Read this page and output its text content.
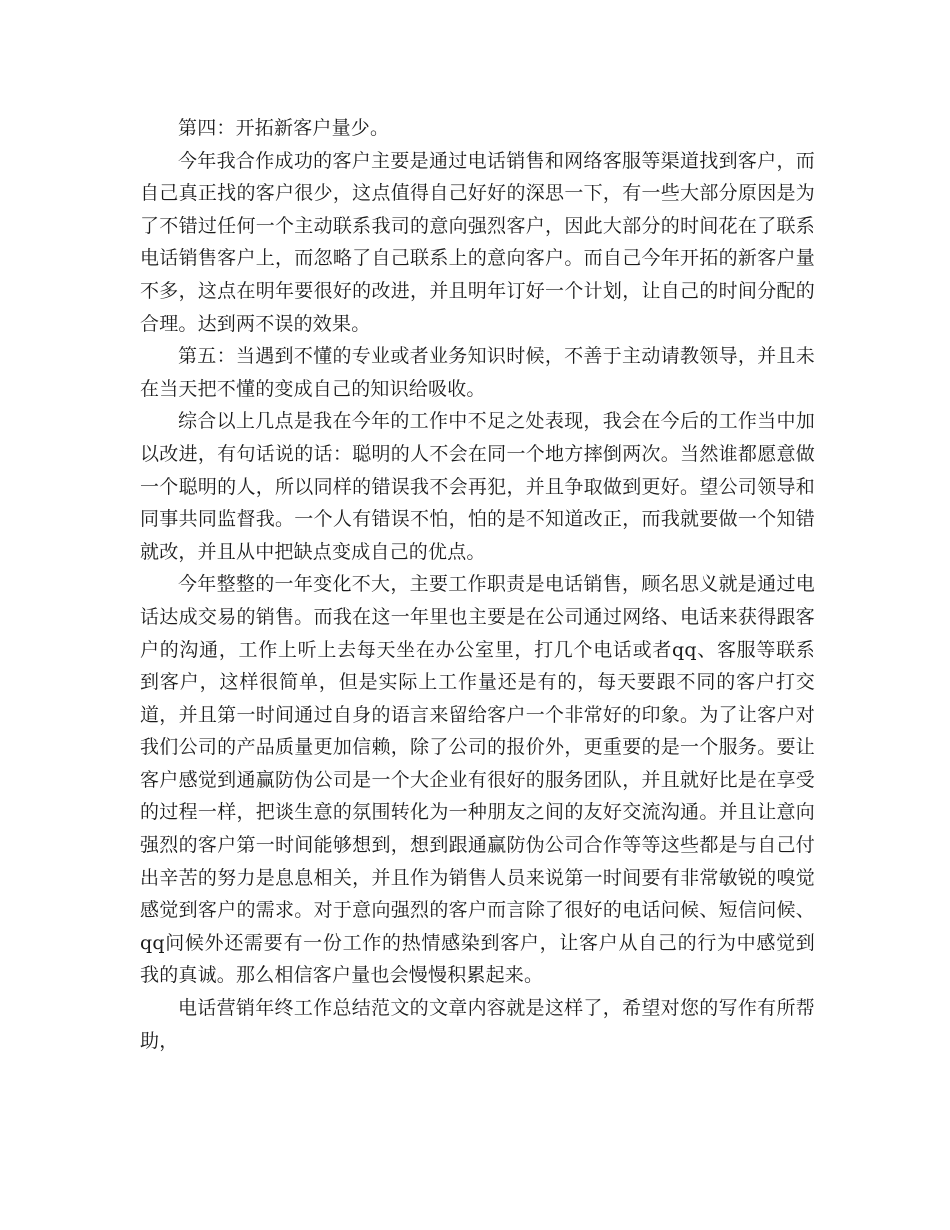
第四：开拓新客户量少。

今年我合作成功的客户主要是通过电话销售和网络客服等渠道找到客户，而自己真正找的客户很少，这点值得自己好好的深思一下，有一些大部分原因是为了不错过任何一个主动联系我司的意向强烈客户，因此大部分的时间花在了联系电话销售客户上，而忽略了自己联系上的意向客户。而自己今年开拓的新客户量不多，这点在明年要很好的改进，并且明年订好一个计划，让自己的时间分配的合理。达到两不误的效果。

第五：当遇到不懂的专业或者业务知识时候，不善于主动请教领导，并且未在当天把不懂的变成自己的知识给吸收。

综合以上几点是我在今年的工作中不足之处表现，我会在今后的工作当中加以改进，有句话说的话：聪明的人不会在同一个地方摔倒两次。当然谁都愿意做一个聪明的人，所以同样的错误我不会再犯，并且争取做到更好。望公司领导和同事共同监督我。一个人有错误不怕，怕的是不知道改正，而我就要做一个知错就改，并且从中把缺点变成自己的优点。

今年整整的一年变化不大，主要工作职责是电话销售，顾名思义就是通过电话达成交易的销售。而我在这一年里也主要是在公司通过网络、电话来获得跟客户的沟通，工作上听上去每天坐在办公室里，打几个电话或者qq、客服等联系到客户，这样很简单，但是实际上工作量还是有的，每天要跟不同的客户打交道，并且第一时间通过自身的语言来留给客户一个非常好的印象。为了让客户对我们公司的产品质量更加信赖，除了公司的报价外，更重要的是一个服务。要让客户感觉到通赢防伪公司是一个大企业有很好的服务团队，并且就好比是在享受的过程一样，把谈生意的氛围转化为一种朋友之间的友好交流沟通。并且让意向强烈的客户第一时间能够想到，想到跟通赢防伪公司合作等等这些都是与自己付出辛苦的努力是息息相关，并且作为销售人员来说第一时间要有非常敏锐的嗅觉感觉到客户的需求。对于意向强烈的客户而言除了很好的电话问候、短信问候、qq问候外还需要有一份工作的热情感染到客户，让客户从自己的行为中感觉到我的真诚。那么相信客户量也会慢慢积累起来。

电话营销年终工作总结范文的文章内容就是这样了，希望对您的写作有所帮助，
